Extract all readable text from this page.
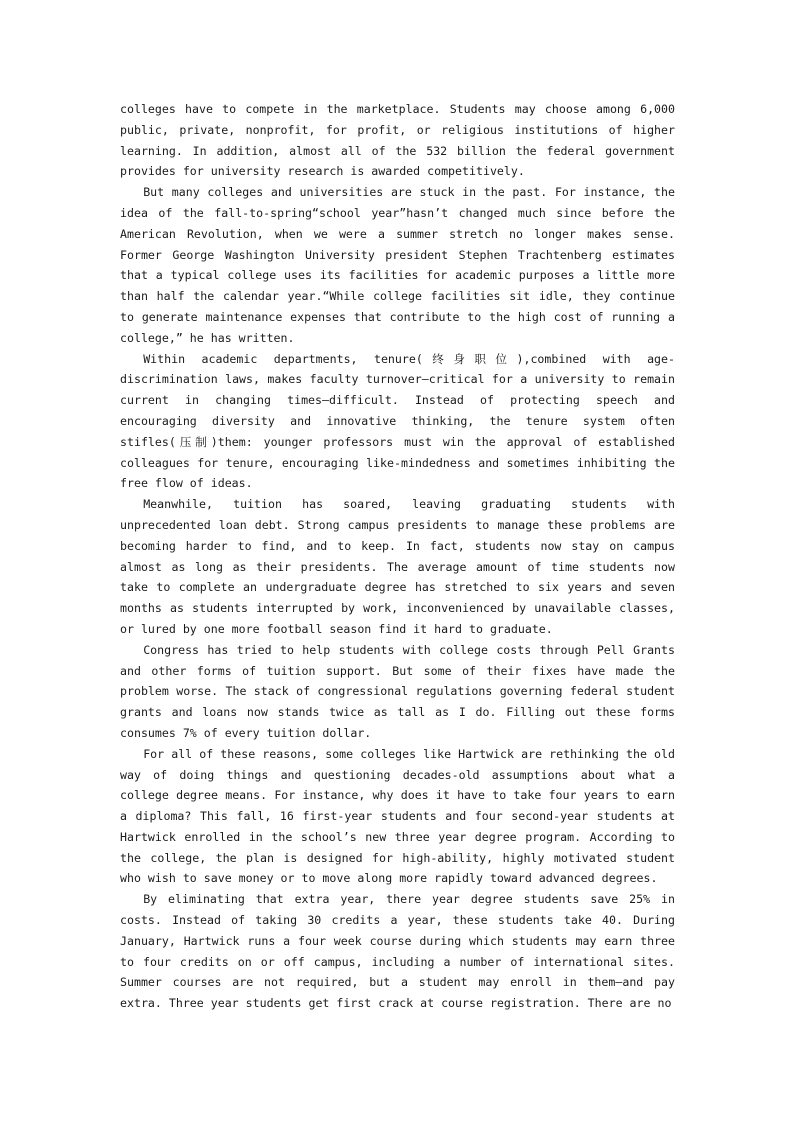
colleges have to compete in the marketplace. Students may choose among 6,000 public, private, nonprofit, for profit, or religious institutions of higher learning. In addition, almost all of the 532 billion the federal government provides for university research is awarded competitively.

But many colleges and universities are stuck in the past. For instance, the idea of the fall-to-spring“school year”hasn’t changed much since before the American Revolution, when we were a summer stretch no longer makes sense. Former George Washington University president Stephen Trachtenberg estimates that a typical college uses its facilities for academic purposes a little more than half the calendar year.“While college facilities sit idle, they continue to generate maintenance expenses that contribute to the high cost of running a college,” he has written.

Within academic departments, tenure(终身职位),combined with age-discrimination laws, makes faculty turnover—critical for a university to remain current in changing times—difficult. Instead of protecting speech and encouraging diversity and innovative thinking, the tenure system often stifles(压制)them: younger professors must win the approval of established colleagues for tenure, encouraging like-mindedness and sometimes inhibiting the free flow of ideas.

Meanwhile, tuition has soared, leaving graduating students with unprecedented loan debt. Strong campus presidents to manage these problems are becoming harder to find, and to keep. In fact, students now stay on campus almost as long as their presidents. The average amount of time students now take to complete an undergraduate degree has stretched to six years and seven months as students interrupted by work, inconvenienced by unavailable classes, or lured by one more football season find it hard to graduate.

Congress has tried to help students with college costs through Pell Grants and other forms of tuition support. But some of their fixes have made the problem worse. The stack of congressional regulations governing federal student grants and loans now stands twice as tall as I do. Filling out these forms consumes 7% of every tuition dollar.

For all of these reasons, some colleges like Hartwick are rethinking the old way of doing things and questioning decades-old assumptions about what a college degree means. For instance, why does it have to take four years to earn a diploma? This fall, 16 first-year students and four second-year students at Hartwick enrolled in the school’s new three year degree program. According to the college, the plan is designed for high-ability, highly motivated student who wish to save money or to move along more rapidly toward advanced degrees.

By eliminating that extra year, there year degree students save 25% in costs. Instead of taking 30 credits a year, these students take 40. During January, Hartwick runs a four week course during which students may earn three to four credits on or off campus, including a number of international sites. Summer courses are not required, but a student may enroll in them—and pay extra. Three year students get first crack at course registration. There are no
